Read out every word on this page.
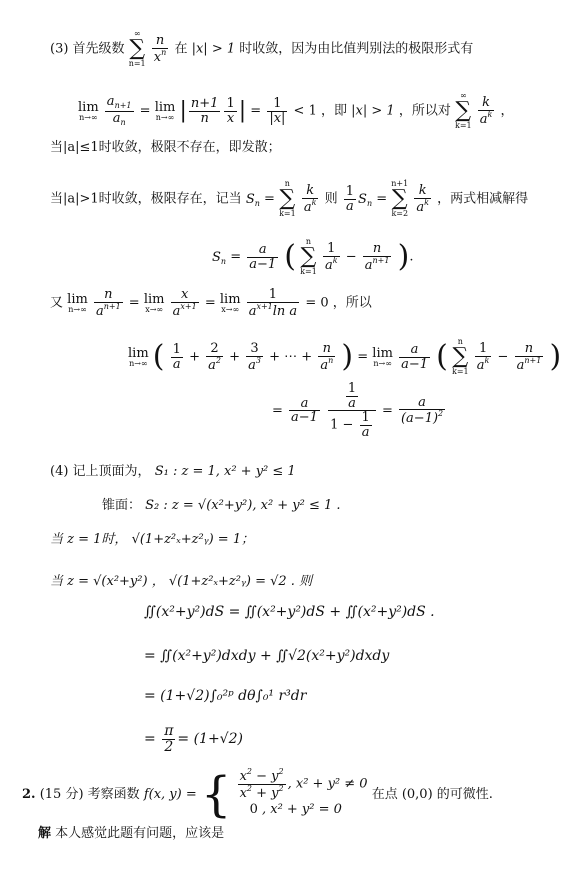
(3) 首先级数
∞
∑
n=1
$\frac{n}{x^n}$ 在 |x| > 1 时收敛，因为由比值判别法的极限形式有
lim
n→∞
$\frac{a_{n+1}}{a_n} = \lim$
n→∞ | $\frac{n+1}{n} \frac{1}{x}$ | = $\frac{1}{|x|} < 1$ ，即 |x| > 1 ，所以对
∞
∑
k=1
$\frac{k}{a^k}$ ，
当|a|≤1时收敛，极限不存在，即发散；
当|a|>1时收敛，极限存在，记当 $S_n$ =
n
∑
k=1
$\frac{k}{a^k}$ 则 $\frac{1}{a} S_n$ =
n+1
∑
k=2
$\frac{k}{a^k}$ ，两式相减解得
$S_n = \frac{a}{a-1}$ (	n
∑
k=1
$\frac{1}{a^k} - \frac{n}{a^{n+1}}$ ).
又 lim
n→∞
$\frac{n}{a^{n+1}} = \lim$
x→∞
$\frac{x}{a^{x+1}} = \lim$
x→∞
$\frac{1}{a^{x+1}\ln a} = 0$ ，所以
lim
n→∞ ( $\frac{1}{a} + \frac{2}{a^2} + \frac{3}{a^3}$ + ⋯ + $\frac{n}{a^n}$ ) = lim
n→∞
$\frac{a}{a-1}$ (	n
∑
k=1
$\frac{1}{a^k} - \frac{n}{a^{n+1}}$ )
= $\frac{a}{a-1}$
$\frac{\frac{1}{a}}{1 - \frac{1}{a}} = \frac{a}{(a-1)^2}$
(4) 记上顶面为， S₁ : z = 1, x² + y² ≤ 1
锥面： S₂ : z = √(x²+y²), x² + y² ≤ 1 .
当 z = 1时， √(1+z²ₓ+z²ᵧ) = 1；
当 z = √(x²+y²) ， √(1+z²ₓ+z²ᵧ) = √2 . 则
∬(x²+y²)dS = ∬(x²+y²)dS + ∬(x²+y²)dS .
= ∬(x²+y²)dxdy + ∬√2(x²+y²)dxdy
= (1+√2)∫₀²ᵖ dθ∫₀¹ r³dr
= $\frac{\pi}{2} = (1+√2)$
2. (15 分) 考察函数 f(x, y) = { $\frac{x^2 - y^2}{x^2 + y^2}$ , x² + y² ≠ 0
0 , x² + y² = 0
在点 (0,0) 的可微性.
解 本人感觉此题有问题，应该是
